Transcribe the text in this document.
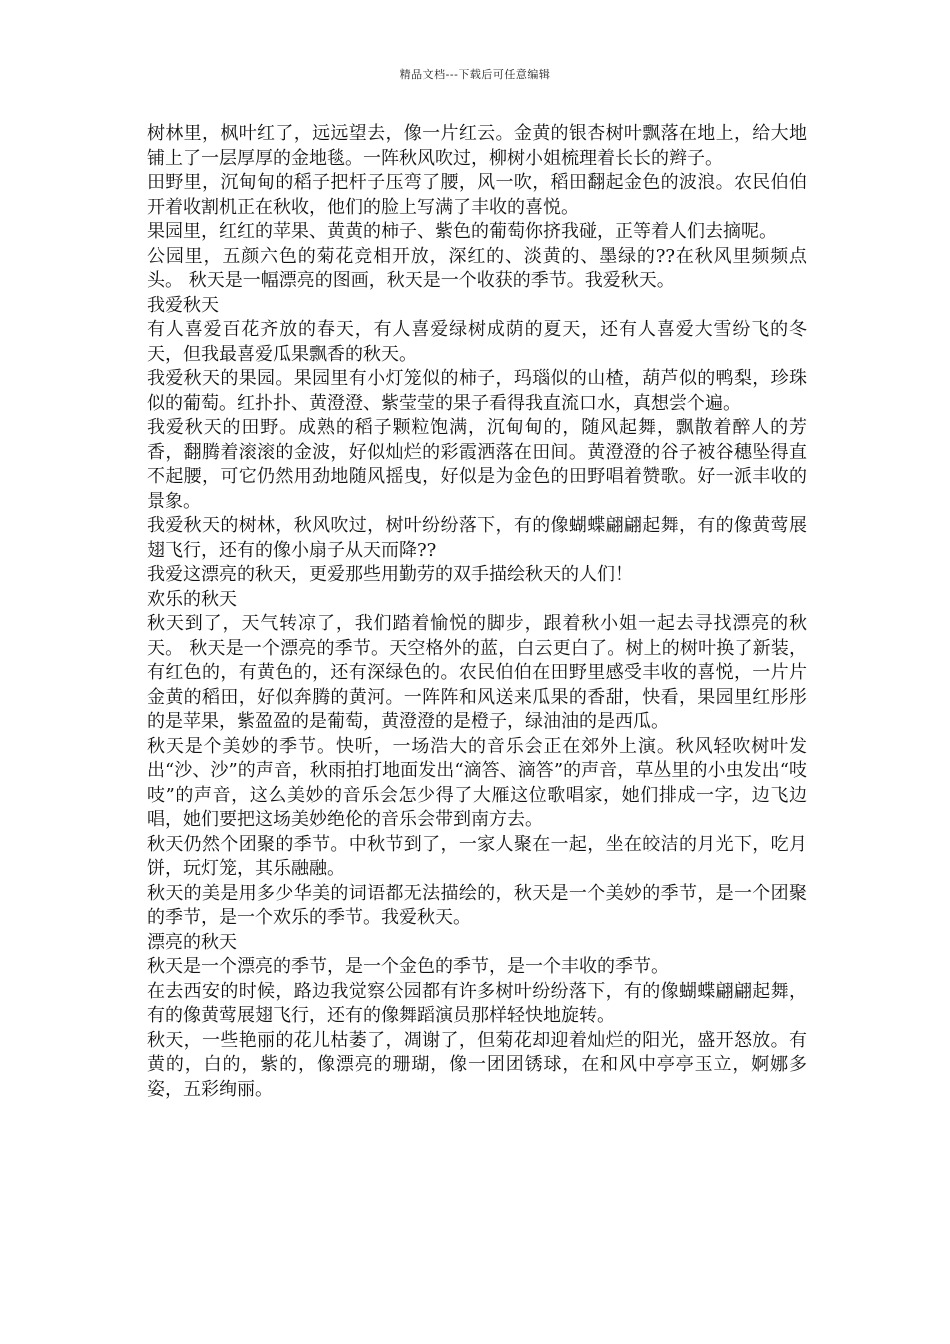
精品文档---下载后可任意编辑
树林里，枫叶红了，远远望去，像一片红云。金黄的银杏树叶飘落在地上，给大地铺上了一层厚厚的金地毯。一阵秋风吹过，柳树小姐梳理着长长的辫子。
田野里，沉甸甸的稻子把杆子压弯了腰，风一吹，稻田翻起金色的波浪。农民伯伯开着收割机正在秋收，他们的脸上写满了丰收的喜悦。
果园里，红红的苹果、黄黄的柿子、紫色的葡萄你挤我碰，正等着人们去摘呢。
公园里，五颜六色的菊花竞相开放，深红的、淡黄的、墨绿的??在秋风里频频点头。 秋天是一幅漂亮的图画，秋天是一个收获的季节。我爱秋天。
我爱秋天
有人喜爱百花齐放的春天，有人喜爱绿树成荫的夏天，还有人喜爱大雪纷飞的冬天，但我最喜爱瓜果飘香的秋天。
我爱秋天的果园。果园里有小灯笼似的柿子，玛瑙似的山楂，葫芦似的鸭梨，珍珠似的葡萄。红扑扑、黄澄澄、紫莹莹的果子看得我直流口水，真想尝个遍。
我爱秋天的田野。成熟的稻子颗粒饱满，沉甸甸的，随风起舞，飘散着醉人的芳香，翻腾着滚滚的金波，好似灿烂的彩霞洒落在田间。黄澄澄的谷子被谷穗坠得直不起腰，可它仍然用劲地随风摇曳，好似是为金色的田野唱着赞歌。好一派丰收的景象。
我爱秋天的树林，秋风吹过，树叶纷纷落下，有的像蝴蝶翩翩起舞，有的像黄莺展翅飞行，还有的像小扇子从天而降??
我爱这漂亮的秋天，更爱那些用勤劳的双手描绘秋天的人们！
欢乐的秋天
秋天到了，天气转凉了，我们踏着愉悦的脚步，跟着秋小姐一起去寻找漂亮的秋天。 秋天是一个漂亮的季节。天空格外的蓝，白云更白了。树上的树叶换了新装，有红色的，有黄色的，还有深绿色的。农民伯伯在田野里感受丰收的喜悦，一片片金黄的稻田，好似奔腾的黄河。一阵阵和风送来瓜果的香甜，快看，果园里红彤彤的是苹果，紫盈盈的是葡萄，黄澄澄的是橙子，绿油油的是西瓜。
秋天是个美妙的季节。快听，一场浩大的音乐会正在郊外上演。秋风轻吹树叶发出“沙、沙”的声音，秋雨拍打地面发出“滴答、滴答”的声音，草丛里的小虫发出“吱吱”的声音，这么美妙的音乐会怎少得了大雁这位歌唱家，她们排成一字，边飞边唱，她们要把这场美妙绝伦的音乐会带到南方去。
秋天仍然个团聚的季节。中秋节到了，一家人聚在一起，坐在皎洁的月光下，吃月饼，玩灯笼，其乐融融。
秋天的美是用多少华美的词语都无法描绘的，秋天是一个美妙的季节，是一个团聚的季节，是一个欢乐的季节。我爱秋天。
漂亮的秋天
秋天是一个漂亮的季节，是一个金色的季节，是一个丰收的季节。
在去西安的时候，路边我觉察公园都有许多树叶纷纷落下，有的像蝴蝶翩翩起舞，有的像黄莺展翅飞行，还有的像舞蹈演员那样轻快地旋转。
秋天，一些艳丽的花儿枯萎了，凋谢了，但菊花却迎着灿烂的阳光，盛开怒放。有黄的，白的，紫的，像漂亮的珊瑚，像一团团锈球，在和风中亭亭玉立，婀娜多姿，五彩绚丽。
